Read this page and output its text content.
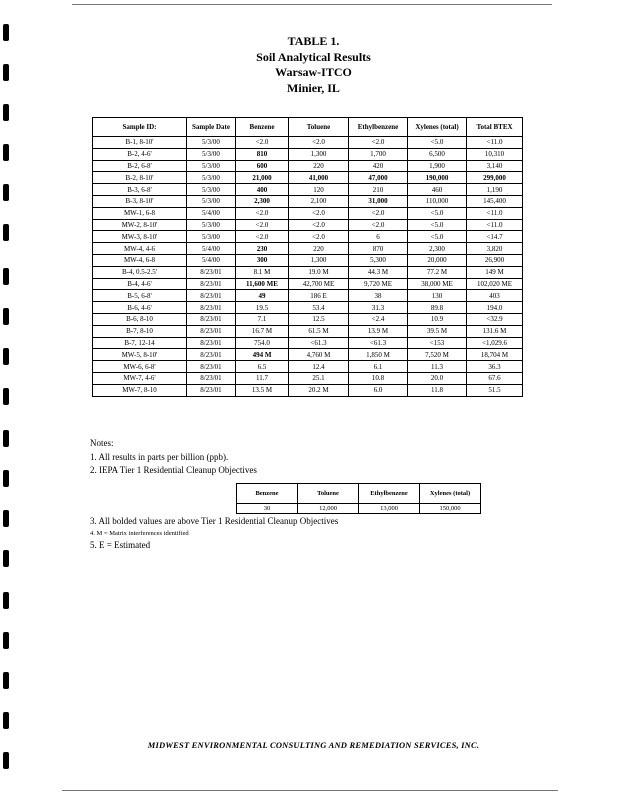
TABLE 1.
Soil Analytical Results
Warsaw-ITCO
Minier, IL
Sample ID:	Sample Date	Benzene	Toluene	Ethylbenzene	Xylenes (total)	Total BTEX
B-1, 8-10'	5/3/00	<2.0	<2.0	<2.0	<5.0	<11.0
B-2, 4-6'	5/3/00	810	1,300	1,700	6,500	10,310
B-2, 6-8'	5/3/00	600	220	420	1,900	3,140
B-2, 8-10'	5/3/00	21,000	41,000	47,000	190,000	299,000
B-3, 6-8'	5/3/00	400	120	210	460	1,190
B-3, 8-10'	5/3/00	2,300	2,100	31,000	110,000	145,400
MW-1, 6-8	5/4/00	<2.0	<2.0	<2.0	<5.0	<11.0
MW-2, 8-10'	5/3/00	<2.0	<2.0	<2.0	<5.0	<11.0
MW-3, 8-10'	5/3/00	<2.0	<2.0	6	<5.0	<14.7
MW-4, 4-6	5/4/00	230	220	870	2,300	3,820
MW-4, 6-8	5/4/00	300	1,300	5,300	20,000	26,900
B-4, 0.5-2.5'	8/23/01	8.1 M	19.0 M	44.3 M	77.2 M	149 M
B-4, 4-6'	8/23/01	11,600 ME	42,700 ME	9,720 ME	38,000 ME	102,020 ME
B-5, 6-8'	8/23/01	49	186 E	38	130	403
B-6, 4-6'	8/23/01	19.5	53.4	31.3	89.8	194.0
B-6, 8-10	8/23/01	7.1	12.5	<2.4	10.9	<32.9
B-7, 8-10	8/23/01	16.7 M	61.5 M	13.9 M	39.5 M	131.6 M
B-7, 12-14	8/23/01	754.0	<61.3	<61.3	<153	<1,029.6
MW-5, 8-10'	8/23/01	494 M	4,760 M	1,850 M	7,520 M	18,704 M
MW-6, 6-8'	8/23/01	6.5	12.4	6.1	11.3	36.3
MW-7, 4-6'	8/23/01	11.7	25.1	10.8	20.0	67.6
MW-7, 8-10	8/23/01	13.5 M	20.2 M	6.0	11.8	51.5
Notes:
1. All results in parts per billion (ppb).
2. IEPA Tier 1 Residential Cleanup Objectives
Benzene	Toluene	Ethylbenzene	Xylenes (total)
30	12,000	13,000	150,000
3. All bolded values are above Tier 1 Residential Cleanup Objectives
4. M = Matrix interferences identified
5. E = Estimated
MIDWEST ENVIRONMENTAL CONSULTING AND REMEDIATION SERVICES, INC.
